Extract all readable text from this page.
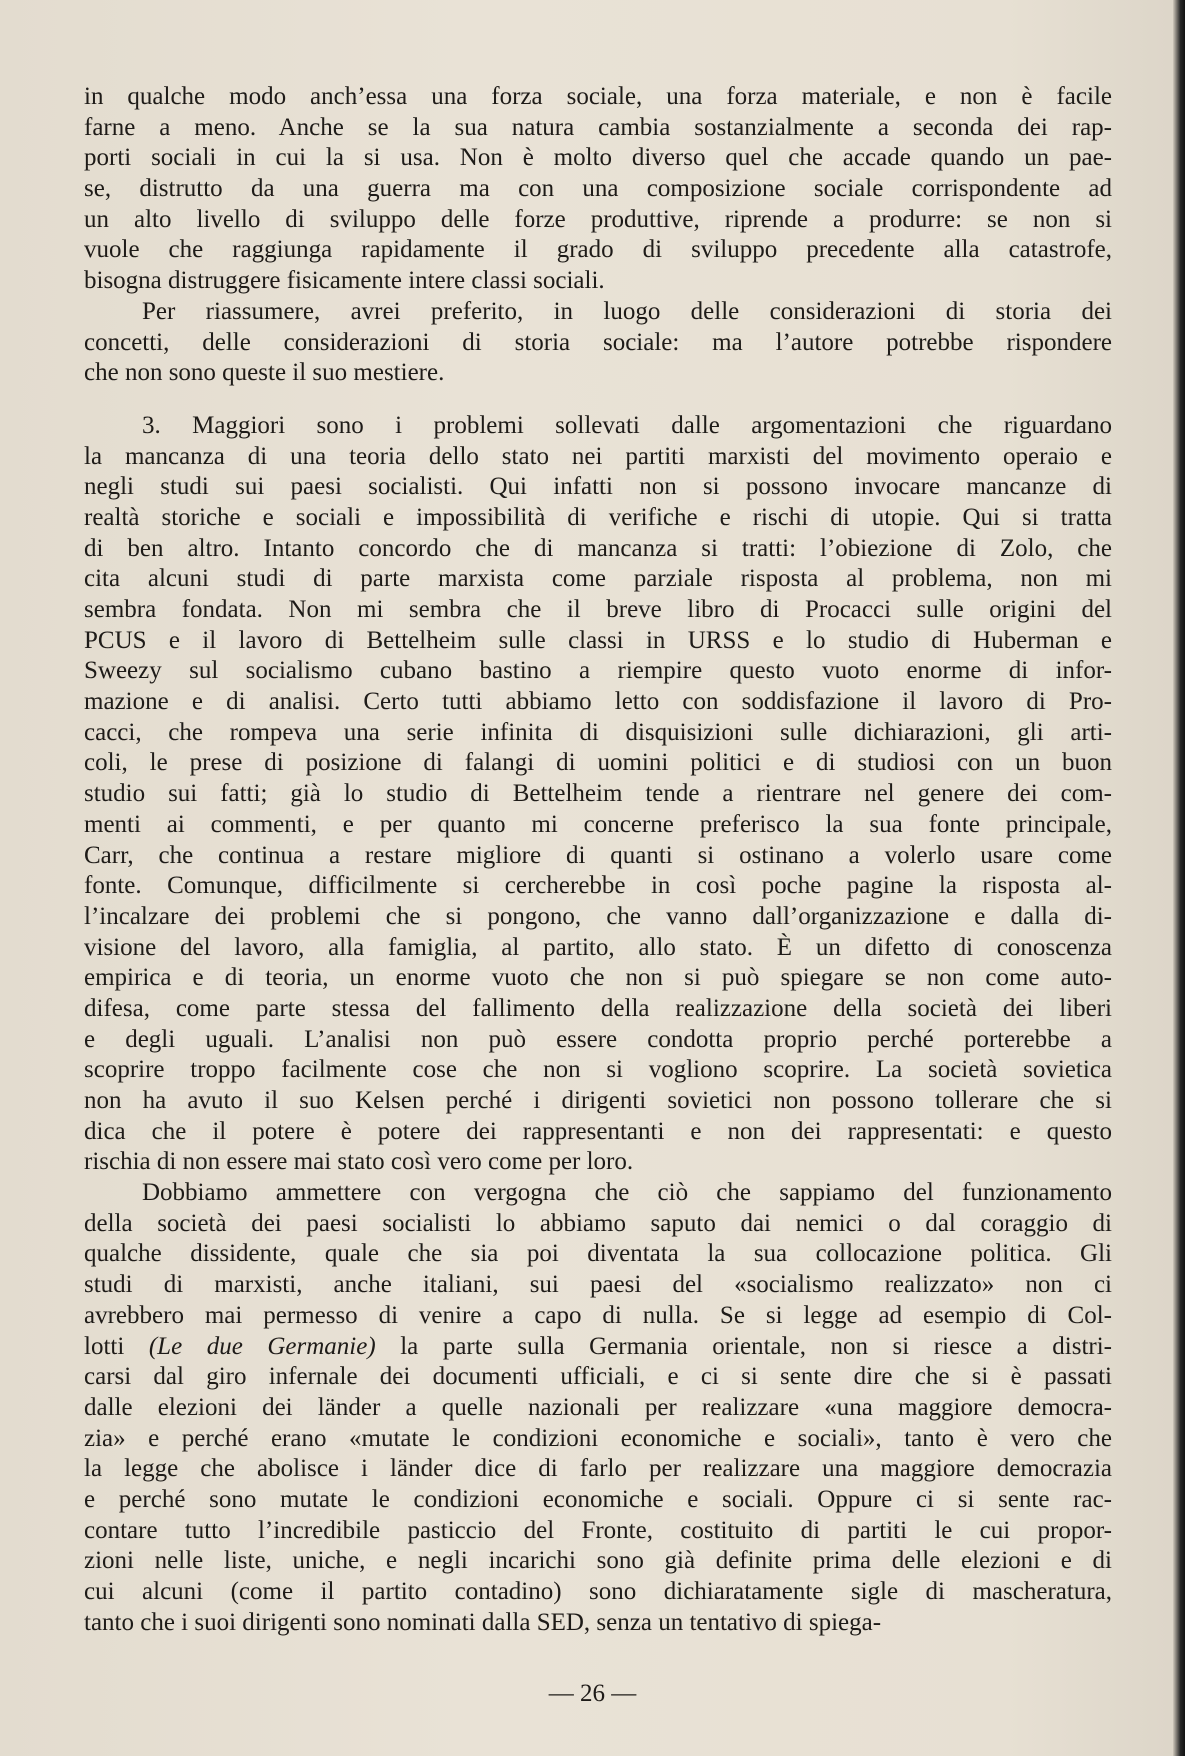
in qualche modo anch’essa una forza sociale, una forza materiale, e non è facile
farne a meno. Anche se la sua natura cambia sostanzialmente a seconda dei rap-
porti sociali in cui la si usa. Non è molto diverso quel che accade quando un pae-
se, distrutto da una guerra ma con una composizione sociale corrispondente ad
un alto livello di sviluppo delle forze produttive, riprende a produrre: se non si
vuole che raggiunga rapidamente il grado di sviluppo precedente alla catastrofe,
bisogna distruggere fisicamente intere classi sociali.
Per riassumere, avrei preferito, in luogo delle considerazioni di storia dei
concetti, delle considerazioni di storia sociale: ma l’autore potrebbe rispondere
che non sono queste il suo mestiere.
3. Maggiori sono i problemi sollevati dalle argomentazioni che riguardano
la mancanza di una teoria dello stato nei partiti marxisti del movimento operaio e
negli studi sui paesi socialisti. Qui infatti non si possono invocare mancanze di
realtà storiche e sociali e impossibilità di verifiche e rischi di utopie. Qui si tratta
di ben altro. Intanto concordo che di mancanza si tratti: l’obiezione di Zolo, che
cita alcuni studi di parte marxista come parziale risposta al problema, non mi
sembra fondata. Non mi sembra che il breve libro di Procacci sulle origini del
PCUS e il lavoro di Bettelheim sulle classi in URSS e lo studio di Huberman e
Sweezy sul socialismo cubano bastino a riempire questo vuoto enorme di infor-
mazione e di analisi. Certo tutti abbiamo letto con soddisfazione il lavoro di Pro-
cacci, che rompeva una serie infinita di disquisizioni sulle dichiarazioni, gli arti-
coli, le prese di posizione di falangi di uomini politici e di studiosi con un buon
studio sui fatti; già lo studio di Bettelheim tende a rientrare nel genere dei com-
menti ai commenti, e per quanto mi concerne preferisco la sua fonte principale,
Carr, che continua a restare migliore di quanti si ostinano a volerlo usare come
fonte. Comunque, difficilmente si cercherebbe in così poche pagine la risposta al-
l’incalzare dei problemi che si pongono, che vanno dall’organizzazione e dalla di-
visione del lavoro, alla famiglia, al partito, allo stato. È un difetto di conoscenza
empirica e di teoria, un enorme vuoto che non si può spiegare se non come auto-
difesa, come parte stessa del fallimento della realizzazione della società dei liberi
e degli uguali. L’analisi non può essere condotta proprio perché porterebbe a
scoprire troppo facilmente cose che non si vogliono scoprire. La società sovietica
non ha avuto il suo Kelsen perché i dirigenti sovietici non possono tollerare che si
dica che il potere è potere dei rappresentanti e non dei rappresentati: e questo
rischia di non essere mai stato così vero come per loro.
Dobbiamo ammettere con vergogna che ciò che sappiamo del funzionamento
della società dei paesi socialisti lo abbiamo saputo dai nemici o dal coraggio di
qualche dissidente, quale che sia poi diventata la sua collocazione politica. Gli
studi di marxisti, anche italiani, sui paesi del «socialismo realizzato» non ci
avrebbero mai permesso di venire a capo di nulla. Se si legge ad esempio di Col-
lotti (Le due Germanie) la parte sulla Germania orientale, non si riesce a distri-
carsi dal giro infernale dei documenti ufficiali, e ci si sente dire che si è passati
dalle elezioni dei länder a quelle nazionali per realizzare «una maggiore democra-
zia» e perché erano «mutate le condizioni economiche e sociali», tanto è vero che
la legge che abolisce i länder dice di farlo per realizzare una maggiore democrazia
e perché sono mutate le condizioni economiche e sociali. Oppure ci si sente rac-
contare tutto l’incredibile pasticcio del Fronte, costituito di partiti le cui propor-
zioni nelle liste, uniche, e negli incarichi sono già definite prima delle elezioni e di
cui alcuni (come il partito contadino) sono dichiaratamente sigle di mascheratura,
tanto che i suoi dirigenti sono nominati dalla SED, senza un tentativo di spiega-
— 26 —
